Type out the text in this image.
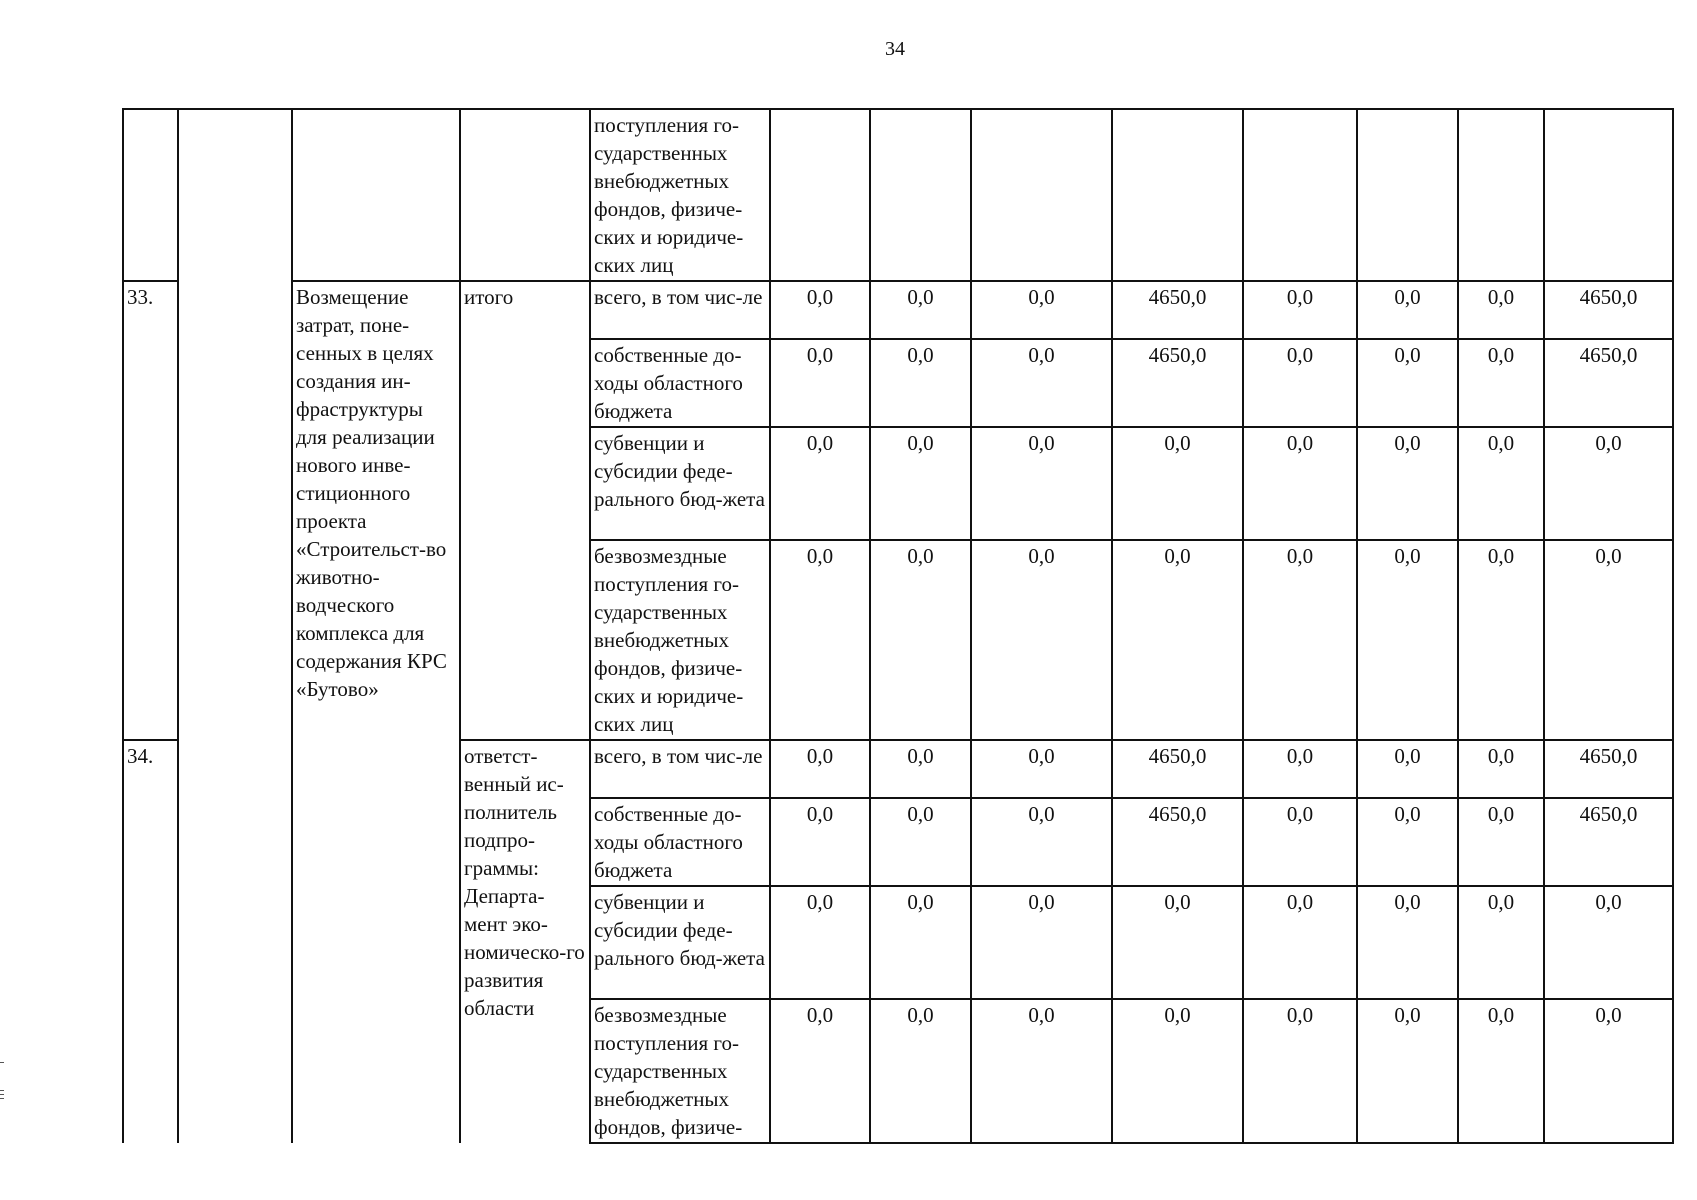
34
				поступления го-сударственных внебюджетных фондов, физиче-ских и юридиче-ских лиц								
33.		Возмещение затрат, поне-сенных в целях создания ин-фраструктуры для реализации нового инве-стиционного проекта «Строительст-во животно-водческого комплекса для содержания КРС «Бутово»	итого	всего, в том чис-ле	0,0	0,0	0,0	4650,0	0,0	0,0	0,0	4650,0
				собственные до-ходы областного бюджета	0,0	0,0	0,0	4650,0	0,0	0,0	0,0	4650,0
				субвенции и субсидии феде-рального бюд-жета	0,0	0,0	0,0	0,0	0,0	0,0	0,0	0,0
				безвозмездные поступления го-сударственных внебюджетных фондов, физиче-ских и юридиче-ских лиц	0,0	0,0	0,0	0,0	0,0	0,0	0,0	0,0
34.			ответст-венный ис-полнитель подпро-граммы: Департа-мент эко-номическо-го развития области	всего, в том чис-ле	0,0	0,0	0,0	4650,0	0,0	0,0	0,0	4650,0
				собственные до-ходы областного бюджета	0,0	0,0	0,0	4650,0	0,0	0,0	0,0	4650,0
				субвенции и субсидии феде-рального бюд-жета	0,0	0,0	0,0	0,0	0,0	0,0	0,0	0,0
				безвозмездные поступления го-сударственных внебюджетных фондов, физиче-	0,0	0,0	0,0	0,0	0,0	0,0	0,0	0,0
